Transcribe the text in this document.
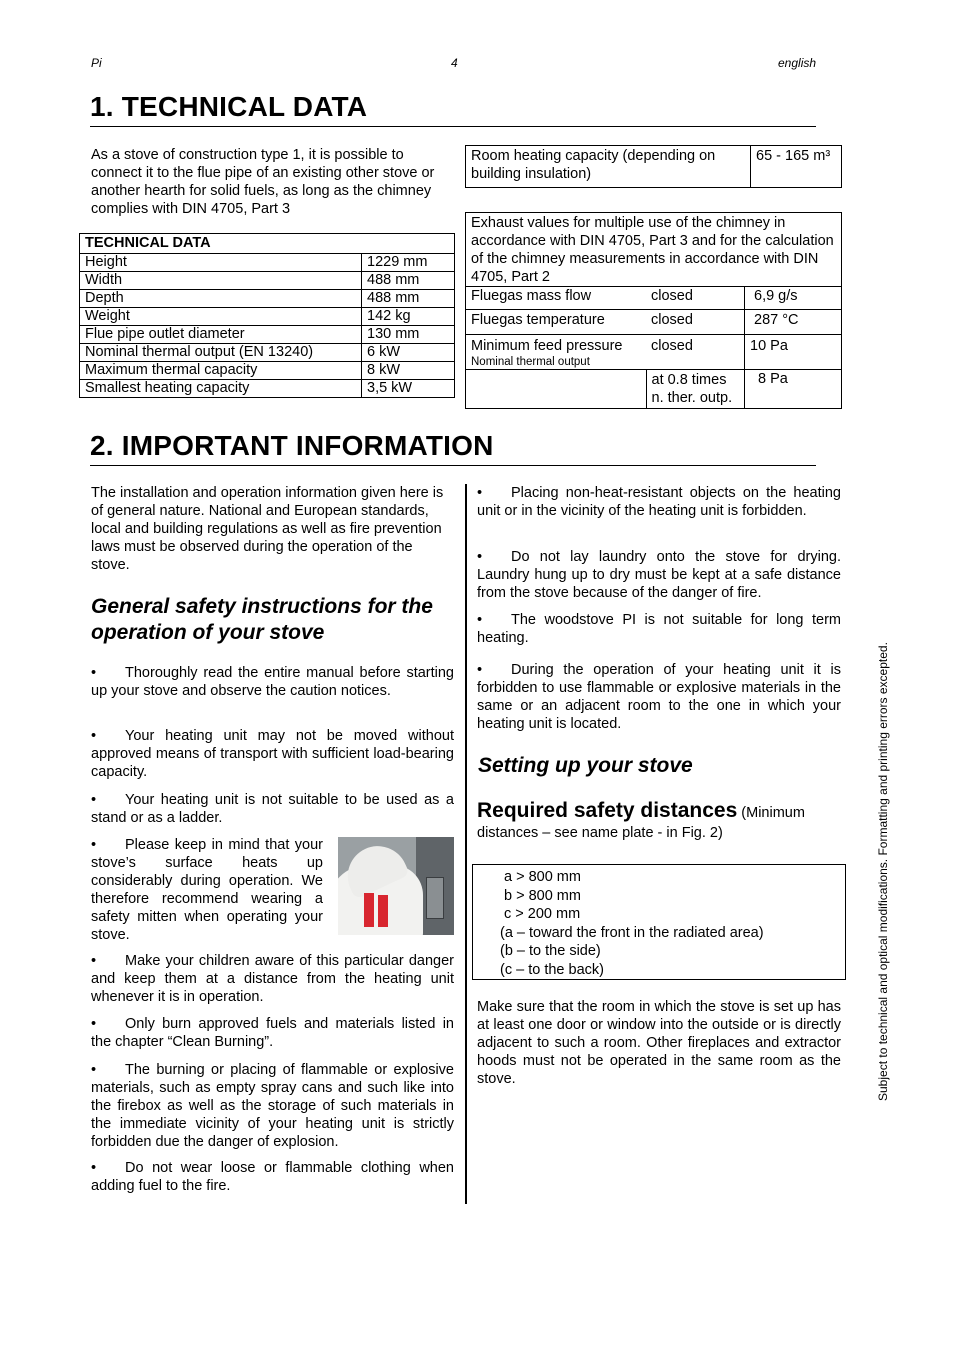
Pi	4	english
1. TECHNICAL DATA

As a stove of construction type 1, it is possible to connect it to the flue pipe of an existing other stove or another hearth for solid fuels, as long as the chimney complies with DIN 4705, Part 3

TECHNICAL DATA	
Height	1229 mm
Width	488 mm
Depth	488 mm
Weight	142 kg
Flue pipe outlet diameter	130 mm
Nominal thermal output (EN 13240)	6 kW
Maximum thermal capacity	8 kW
Smallest heating capacity	3,5 kW
Room heating capacity (depending on building insulation)	65 - 165 m³
Exhaust values for multiple use of the chimney in accordance with DIN 4705, Part 3 and for the calculation of the chimney measurements in accordance with DIN 4705, Part 2		
Fluegas mass flow	closed	6,9 g/s
Fluegas temperature	closed	287 °C

Minimum feed pressure
Nominal thermal output	closed	10 Pa
	at 0.8 times n. ther. outp.	8 Pa
2. IMPORTANT INFORMATION

The installation and operation information given here is of general nature. National and European standards, local and building regulations as well as fire prevention laws must be observed during the operation of the stove.

General safety instructions for the operation of your stove

• Thoroughly read the entire manual before starting up your stove and observe the caution notices.

• Your heating unit may not be moved without approved means of transport with sufficient load-bearing capacity.

• Your heating unit is not suitable to be used as a stand or as a ladder.

• Please keep in mind that your stove’s surface heats up considerably during operation. We therefore recommend wearing a safety mitten when operating your stove.

• Make your children aware of this particular danger and keep them at a distance from the heating unit whenever it is in operation.

• Only burn approved fuels and materials listed in the chapter “Clean Burning”.

• The burning or placing of flammable or explosive materials, such as empty spray cans and such like into the firebox as well as the storage of such materials in the immediate vicinity of your heating unit is strictly forbidden due the danger of explosion.

• Do not wear loose or flammable clothing when adding fuel to the fire.

• Placing non-heat-resistant objects on the heating unit or in the vicinity of the heating unit is forbidden.

• Do not lay laundry onto the stove for drying. Laundry hung up to dry must be kept at a safe distance from the stove because of the danger of fire.

• The woodstove PI is not suitable for long term heating.

• During the operation of your heating unit it is forbidden to use flammable or explosive materials in the same or an adjacent room to the one in which your heating unit is located.

Setting up your stove
Required safety distances (Minimum distances – see name plate - in Fig. 2)
a > 800 mm
b > 800 mm
c > 200 mm
(a – toward the front in the radiated area)
(b – to the side)
(c – to the back)

Make sure that the room in which the stove is set up has at least one door or window into the outside or is directly adjacent to such a room. Other fireplaces and extractor hoods must not be operated in the same room as the stove.	Subject to technical and optical modifications. Formatting and printing errors excepted.
